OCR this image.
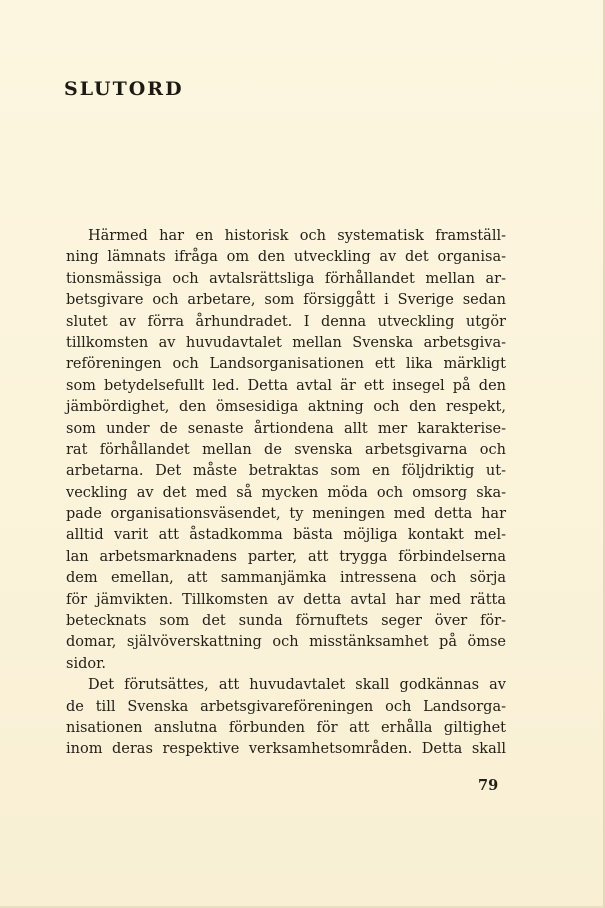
SLUTORD
Härmed har en historisk och systematisk framställ-
ning lämnats ifråga om den utveckling av det organisa-
tionsmässiga och avtalsrättsliga förhållandet mellan ar-
betsgivare och arbetare, som försiggått i Sverige sedan
slutet av förra århundradet. I denna utveckling utgör
tillkomsten av huvudavtalet mellan Svenska arbetsgiva-
reföreningen och Landsorganisationen ett lika märkligt
som betydelsefullt led. Detta avtal är ett insegel på den
jämbördighet, den ömsesidiga aktning och den respekt,
som under de senaste årtiondena allt mer karakterise-
rat förhållandet mellan de svenska arbetsgivarna och
arbetarna. Det måste betraktas som en följdriktig ut-
veckling av det med så mycken möda och omsorg ska-
pade organisationsväsendet, ty meningen med detta har
alltid varit att åstadkomma bästa möjliga kontakt mel-
lan arbetsmarknadens parter, att trygga förbindelserna
dem emellan, att sammanjämka intressena och sörja
för jämvikten. Tillkomsten av detta avtal har med rätta
betecknats som det sunda förnuftets seger över för-
domar, självöverskattning och misstänksamhet på ömse
sidor.
Det förutsättes, att huvudavtalet skall godkännas av
de till Svenska arbetsgivareföreningen och Landsorga-
nisationen anslutna förbunden för att erhålla giltighet
inom deras respektive verksamhetsområden. Detta skall
79
